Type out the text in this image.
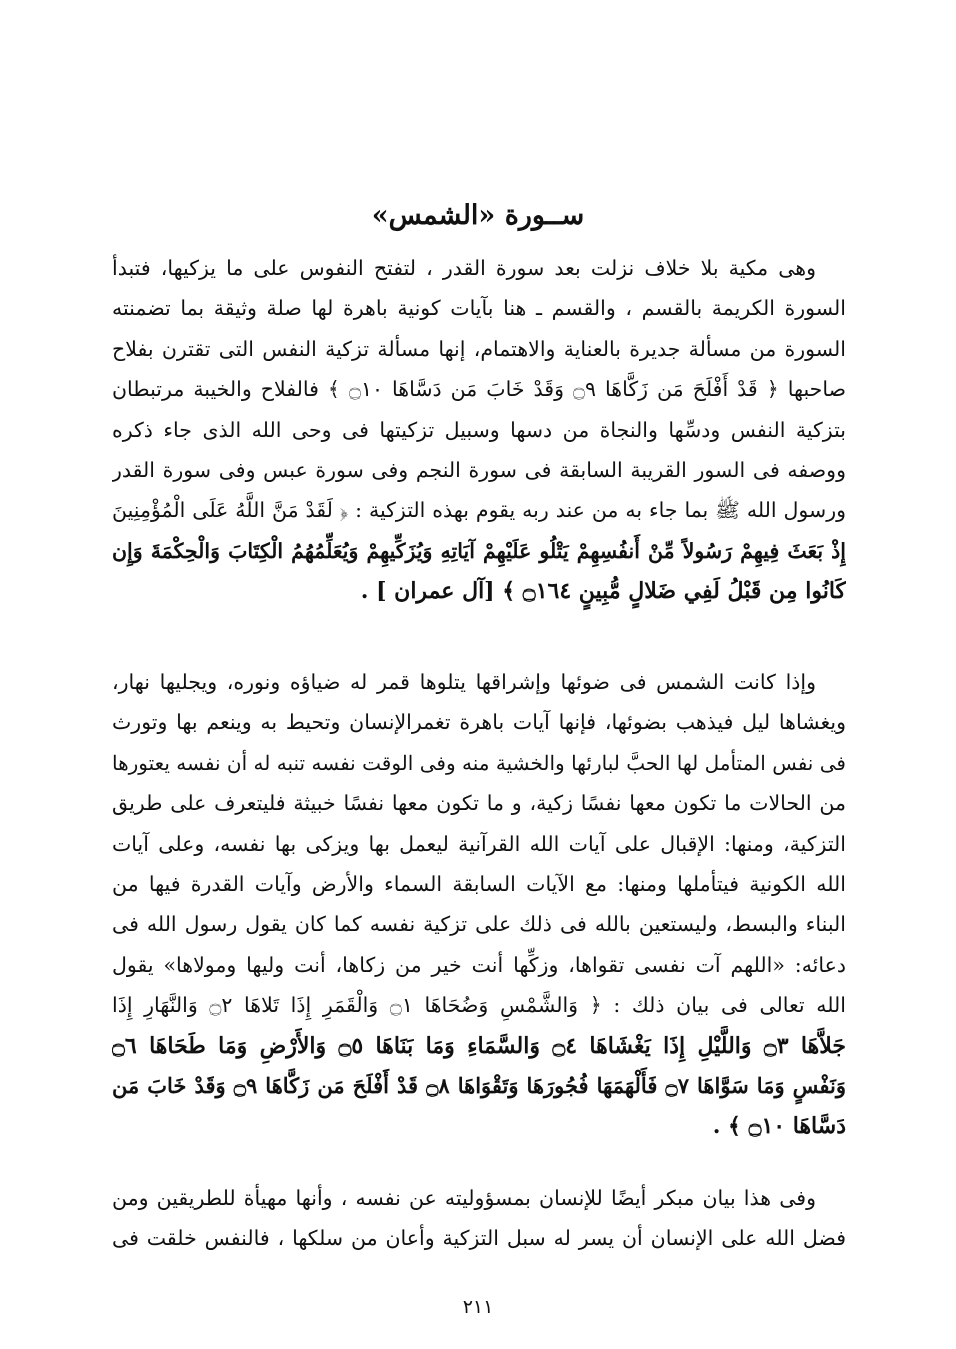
ســورة «الشمس»
وهى مكية بلا خلاف نزلت بعد سورة القدر ، لتفتح النفوس على ما يزكيها، فتبدأ
السورة الكريمة بالقسم ، والقسم ـ هنا بآيات كونية باهرة لها صلة وثيقة بما تضمنته
السورة من مسألة جديرة بالعناية والاهتمام، إنها مسألة تزكية النفس التى تقترن بفلاح
صاحبها ﴿ قَدْ أَفْلَحَ مَن زَكَّاهَا ۝٩ وَقَدْ خَابَ مَن دَسَّاهَا ۝١٠ ﴾ فالفلاح والخيبة مرتبطان
بتزكية النفس ودسِّها والنجاة من دسها وسبيل تزكيتها فى وحى الله الذى جاء ذكره
ووصفه فى السور القريبة السابقة فى سورة النجم وفى سورة عبس وفى سورة القدر
ورسول الله ﷺ بما جاء به من عند ربه يقوم بهذه التزكية : ﴿ لَقَدْ مَنَّ اللَّهُ عَلَى الْمُؤْمِنِينَ
إِذْ بَعَثَ فِيهِمْ رَسُولاً مِّنْ أَنفُسِهِمْ يَتْلُو عَلَيْهِمْ آيَاتِهِ وَيُزَكِّيهِمْ وَيُعَلِّمُهُمُ الْكِتَابَ وَالْحِكْمَةَ وَإِن
كَانُوا مِن قَبْلُ لَفِي ضَلالٍ مُّبِينٍ ۝١٦٤ ﴾ [آل عمران ] .
وإذا كانت الشمس فى ضوئها وإشراقها يتلوها قمر له ضياؤه ونوره، ويجليها نهار،
ويغشاها ليل فيذهب بضوئها، فإنها آيات باهرة تغمرالإنسان وتحيط به وينعم بها وتورث
فى نفس المتأمل لها الحبَّ لبارئها والخشية منه وفى الوقت نفسه تنبه له أن نفسه يعتورها
من الحالات ما تكون معها نفسًا زكية، و ما تكون معها نفسًا خبيثة فليتعرف على طريق
التزكية، ومنها: الإقبال على آيات الله القرآنية ليعمل بها ويزكى بها نفسه، وعلى آيات
الله الكونية فيتأملها ومنها: مع الآيات السابقة السماء والأرض وآيات القدرة فيها من
البناء والبسط، وليستعين بالله فى ذلك على تزكية نفسه كما كان يقول رسول الله فى
دعائه: «اللهم آت نفسى تقواها، وزكِّها أنت خير من زكاها، أنت وليها ومولاها» يقول
الله تعالى فى بيان ذلك : ﴿ وَالشَّمْسِ وَضُحَاهَا ۝١ وَالْقَمَرِ إِذَا تَلاهَا ۝٢ وَالنَّهَارِ إِذَا
جَلاَّهَا ۝٣ وَاللَّيْلِ إِذَا يَغْشَاهَا ۝٤ وَالسَّمَاءِ وَمَا بَنَاهَا ۝٥ وَالأَرْضِ وَمَا طَحَاهَا ۝٦
وَنَفْسٍ وَمَا سَوَّاهَا ۝٧ فَأَلْهَمَهَا فُجُورَهَا وَتَقْوَاهَا ۝٨ قَدْ أَفْلَحَ مَن زَكَّاهَا ۝٩ وَقَدْ خَابَ مَن
دَسَّاهَا ۝١٠ ﴾ .
وفى هذا بيان مبكر أيضًا للإنسان بمسؤوليته عن نفسه ، وأنها مهيأة للطريقين ومن
فضل الله على الإنسان أن يسر له سبل التزكية وأعان من سلكها ، فالنفس خلقت فى
٢١١
